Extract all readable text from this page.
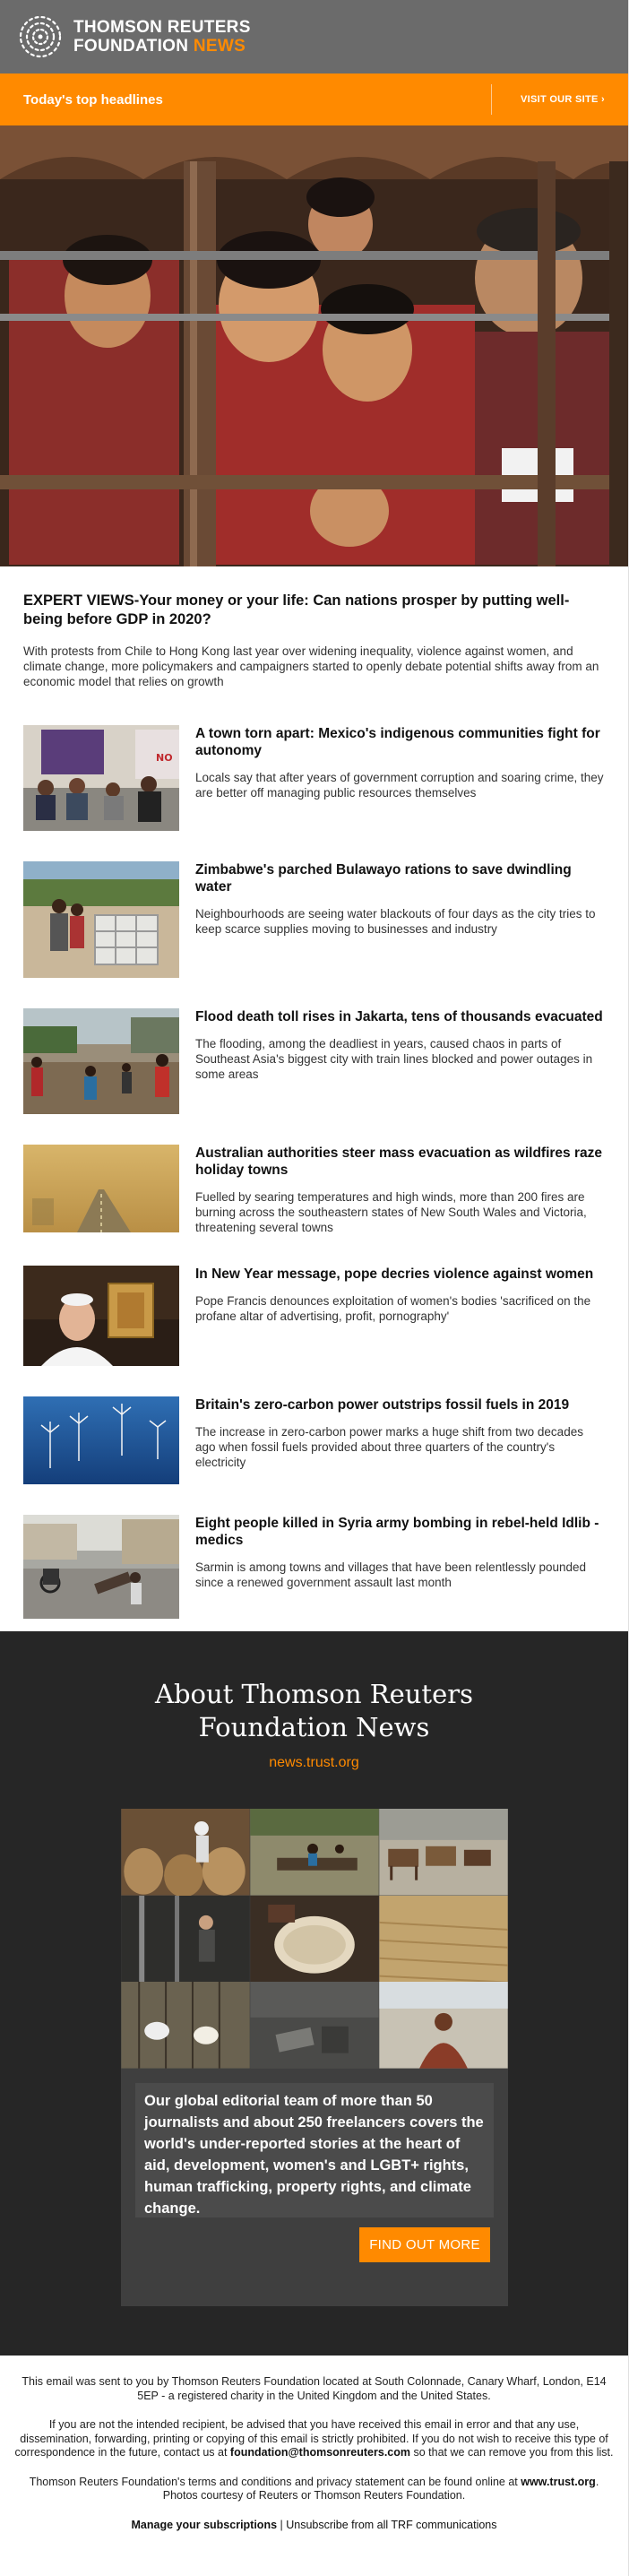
THOMSON REUTERS
FOUNDATION NEWS
Today's top headlines	VISIT OUR SITE ›
EXPERT VIEWS-Your money or your life: Can nations prosper by putting well-being before GDP in 2020?

With protests from Chile to Hong Kong last year over widening inequality, violence against women, and climate change, more policymakers and campaigners started to openly debate potential shifts away from an economic model that relies on growth

NO
A town torn apart: Mexico's indigenous communities fight for autonomy

Locals say that after years of government corruption and soaring crime, they are better off managing public resources themselves

Zimbabwe's parched Bulawayo rations to save dwindling water

Neighbourhoods are seeing water blackouts of four days as the city tries to keep scarce supplies moving to businesses and industry

Flood death toll rises in Jakarta, tens of thousands evacuated

The flooding, among the deadliest in years, caused chaos in parts of Southeast Asia's biggest city with train lines blocked and power outages in some areas

Australian authorities steer mass evacuation as wildfires raze holiday towns

Fuelled by searing temperatures and high winds, more than 200 fires are burning across the southeastern states of New South Wales and Victoria, threatening several towns

In New Year message, pope decries violence against women

Pope Francis denounces exploitation of women's bodies 'sacrificed on the profane altar of advertising, profit, pornography'

Britain's zero-carbon power outstrips fossil fuels in 2019

The increase in zero-carbon power marks a huge shift from two decades ago when fossil fuels provided about three quarters of the country's electricity

Eight people killed in Syria army bombing in rebel-held Idlib - medics

Sarmin is among towns and villages that have been relentlessly pounded since a renewed government assault last month

About Thomson Reuters
Foundation News
news.trust.org
Our global editorial team of more than 50 journalists and about 250 freelancers covers the world's under-reported stories at the heart of aid, development, women's and LGBT+ rights, human trafficking, property rights, and climate change.
FIND OUT MORE

This email was sent to you by Thomson Reuters Foundation located at South Colonnade, Canary Wharf, London, E14 5EP - a registered charity in the United Kingdom and the United States.

If you are not the intended recipient, be advised that you have received this email in error and that any use, dissemination, forwarding, printing or copying of this email is strictly prohibited. If you do not wish to receive this type of correspondence in the future, contact us at foundation@thomsonreuters.com so that we can remove you from this list.

Thomson Reuters Foundation's terms and conditions and privacy statement can be found online at www.trust.org. Photos courtesy of Reuters or Thomson Reuters Foundation.

Manage your subscriptions | Unsubscribe from all TRF communications
